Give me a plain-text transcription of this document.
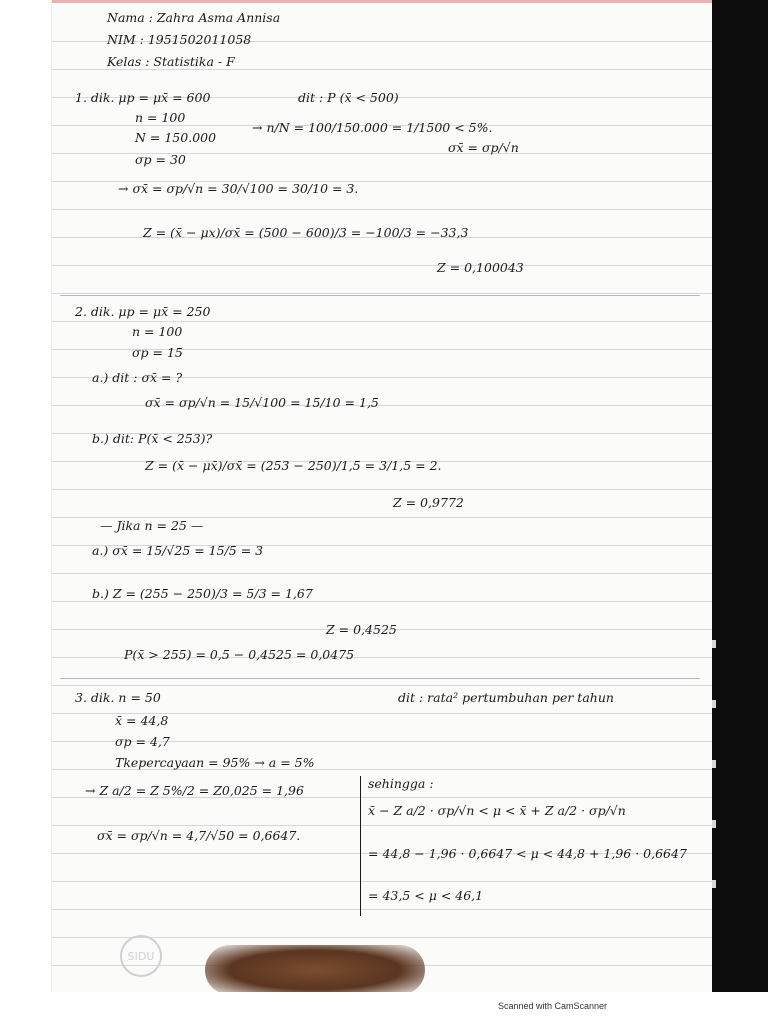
Nama : Zahra Asma Annisa
NIM : 1951502011058
Kelas : Statistika - F
1. dik. μp = μx̄ = 600	dit : P (x̄ < 500)
n = 100
N = 150.000
→ n/N = 100/150.000 = 1/1500 < 5%.
σx̄ = σp/√n
σp = 30
→ σx̄ = σp/√n = 30/√100 = 30/10 = 3.
Z = (x̄ − μx)/σx̄ = (500 − 600)/3 = −100/3 = −33,3
Z = 0,100043
2. dik. μp = μx̄ = 250
n = 100
σp = 15
a.) dit : σx̄ = ?
σx̄ = σp/√n = 15/√100 = 15/10 = 1,5
b.) dit: P(x̄ < 253)?
Z = (x̄ − μx̄)/σx̄ = (253 − 250)/1,5 = 3/1,5 = 2.
Z = 0,9772
— Jika n = 25 —
a.) σx̄ = 15/√25 = 15/5 = 3
b.) Z = (255 − 250)/3 = 5/3 = 1,67
Z = 0,4525
P(x̄ > 255) = 0,5 − 0,4525 = 0,0475
3. dik. n = 50	dit : rata² pertumbuhan per tahun
x̄ = 44,8
σp = 4,7
Tkepercayaan = 95% → a = 5%
→ Z a/2 = Z 5%/2 = Z0,025 = 1,96	sehingga :
x̄ − Z a/2 · σp/√n < μ < x̄ + Z a/2 · σp/√n
σx̄ = σp/√n = 4,7/√50 = 0,6647.
= 44,8 − 1,96 · 0,6647 < μ < 44,8 + 1,96 · 0,6647
= 43,5 < μ < 46,1
SIDU
Scanned with CamScanner
